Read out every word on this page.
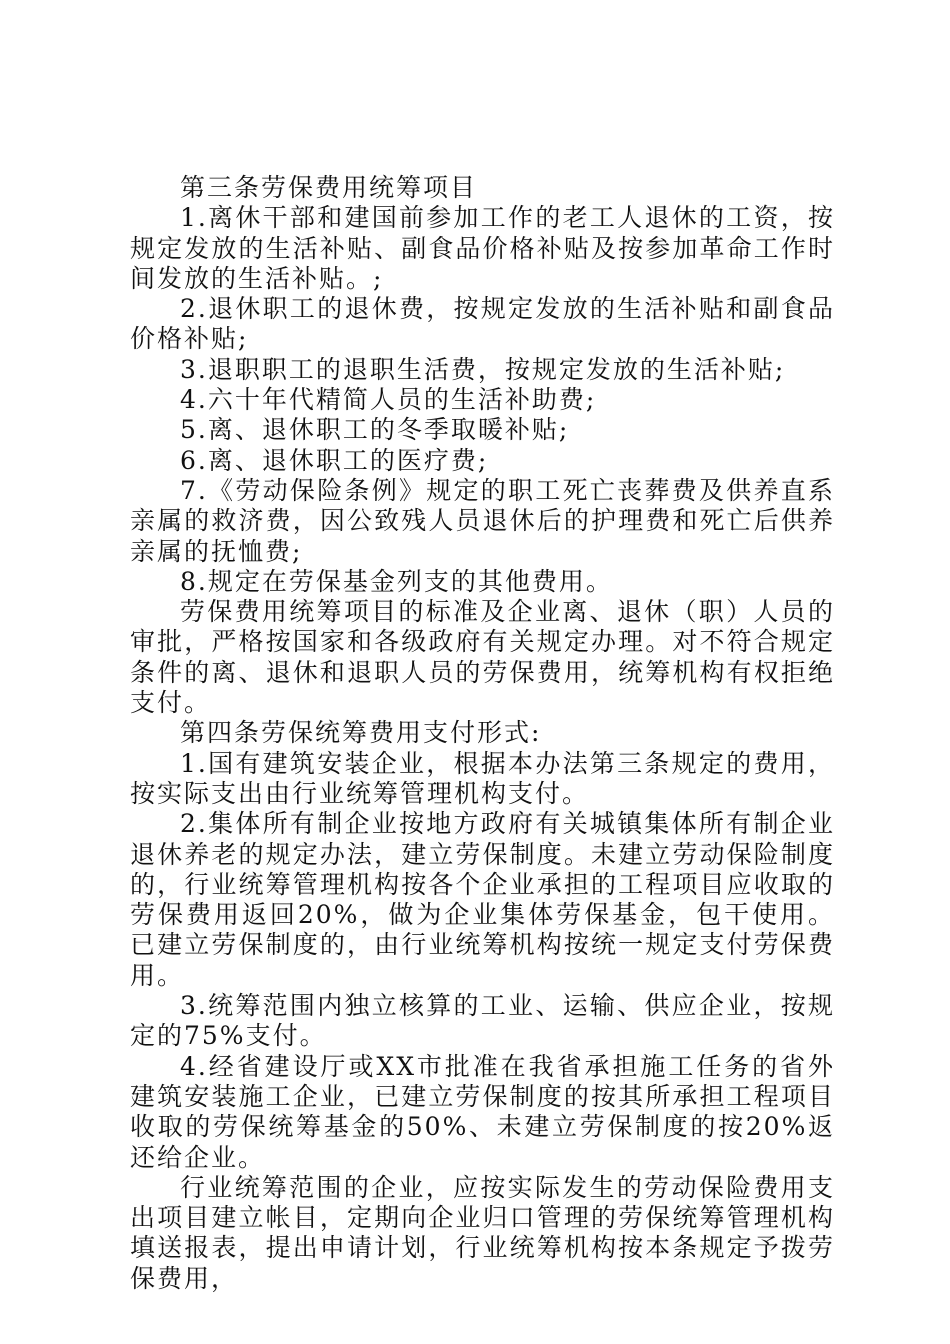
第三条劳保费用统筹项目

1.离休干部和建国前参加工作的老工人退休的工资，按规定发放的生活补贴、副食品价格补贴及按参加革命工作时间发放的生活补贴。;

2.退休职工的退休费，按规定发放的生活补贴和副食品价格补贴;

3.退职职工的退职生活费，按规定发放的生活补贴;

4.六十年代精简人员的生活补助费;

5.离、退休职工的冬季取暖补贴;

6.离、退休职工的医疗费;

7.《劳动保险条例》规定的职工死亡丧葬费及供养直系亲属的救济费，因公致残人员退休后的护理费和死亡后供养亲属的抚恤费;

8.规定在劳保基金列支的其他费用。

劳保费用统筹项目的标准及企业离、退休（职）人员的审批，严格按国家和各级政府有关规定办理。对不符合规定条件的离、退休和退职人员的劳保费用，统筹机构有权拒绝支付。

第四条劳保统筹费用支付形式:

1.国有建筑安装企业，根据本办法第三条规定的费用，按实际支出由行业统筹管理机构支付。

2.集体所有制企业按地方政府有关城镇集体所有制企业退休养老的规定办法，建立劳保制度。未建立劳动保险制度的，行业统筹管理机构按各个企业承担的工程项目应收取的劳保费用返回20%，做为企业集体劳保基金，包干使用。已建立劳保制度的，由行业统筹机构按统一规定支付劳保费用。

3.统筹范围内独立核算的工业、运输、供应企业，按规定的75%支付。

4.经省建设厅或XX市批准在我省承担施工任务的省外建筑安装施工企业，已建立劳保制度的按其所承担工程项目收取的劳保统筹基金的50%、未建立劳保制度的按20%返还给企业。

行业统筹范围的企业，应按实际发生的劳动保险费用支出项目建立帐目，定期向企业归口管理的劳保统筹管理机构填送报表，提出申请计划，行业统筹机构按本条规定予拨劳保费用，
